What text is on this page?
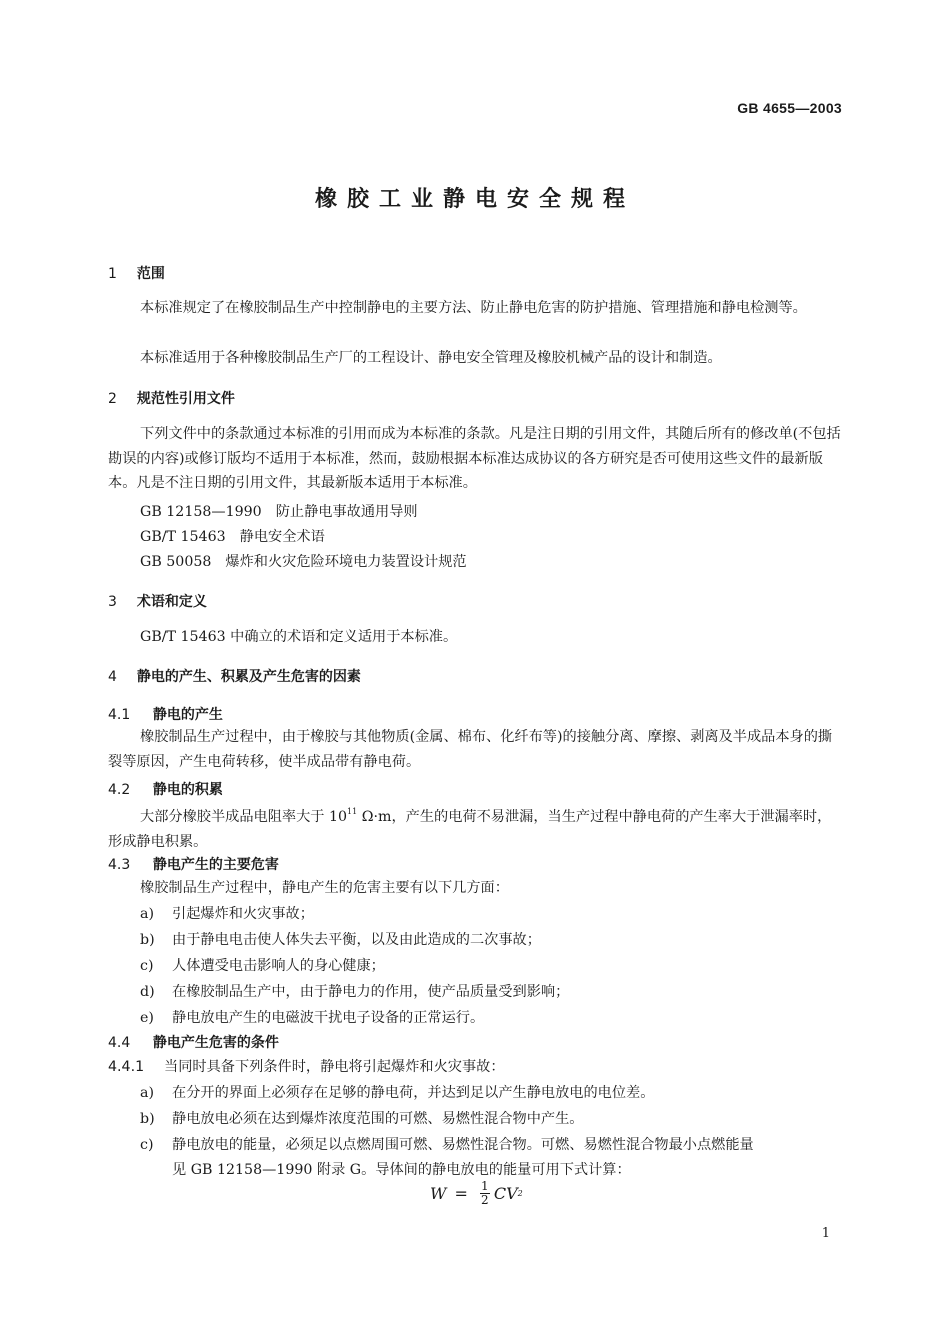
GB 4655—2003
橡胶工业静电安全规程
1 范围
本标准规定了在橡胶制品生产中控制静电的主要方法、防止静电危害的防护措施、管理措施和静电检测等。
本标准适用于各种橡胶制品生产厂的工程设计、静电安全管理及橡胶机械产品的设计和制造。
2 规范性引用文件
下列文件中的条款通过本标准的引用而成为本标准的条款。凡是注日期的引用文件，其随后所有的修改单(不包括勘误的内容)或修订版均不适用于本标准，然而，鼓励根据本标准达成协议的各方研究是否可使用这些文件的最新版本。凡是不注日期的引用文件，其最新版本适用于本标准。
GB 12158—1990 防止静电事故通用导则
GB/T 15463 静电安全术语
GB 50058 爆炸和火灾危险环境电力装置设计规范
3 术语和定义
GB/T 15463 中确立的术语和定义适用于本标准。
4 静电的产生、积累及产生危害的因素
4.1 静电的产生
橡胶制品生产过程中，由于橡胶与其他物质(金属、棉布、化纤布等)的接触分离、摩擦、剥离及半成品本身的撕裂等原因，产生电荷转移，使半成品带有静电荷。
4.2 静电的积累
大部分橡胶半成品电阻率大于 $10^{11}$ Ω·m，产生的电荷不易泄漏，当生产过程中静电荷的产生率大于泄漏率时，形成静电积累。
4.3 静电产生的主要危害
橡胶制品生产过程中，静电产生的危害主要有以下几方面：
a) 引起爆炸和火灾事故；
b) 由于静电电击使人体失去平衡，以及由此造成的二次事故；
c) 人体遭受电击影响人的身心健康；
d) 在橡胶制品生产中，由于静电力的作用，使产品质量受到影响；
e) 静电放电产生的电磁波干扰电子设备的正常运行。
4.4 静电产生危害的条件
4.4.1 当同时具备下列条件时，静电将引起爆炸和火灾事故：
a) 在分开的界面上必须存在足够的静电荷，并达到足以产生静电放电的电位差。
b) 静电放电必须在达到爆炸浓度范围的可燃、易燃性混合物中产生。
c) 静电放电的能量，必须足以点燃周围可燃、易燃性混合物。可燃、易燃性混合物最小点燃能量
见 GB 12158—1990 附录 G。导体间的静电放电的能量可用下式计算：
$W = \frac{1}{2}$ CV 2
1
